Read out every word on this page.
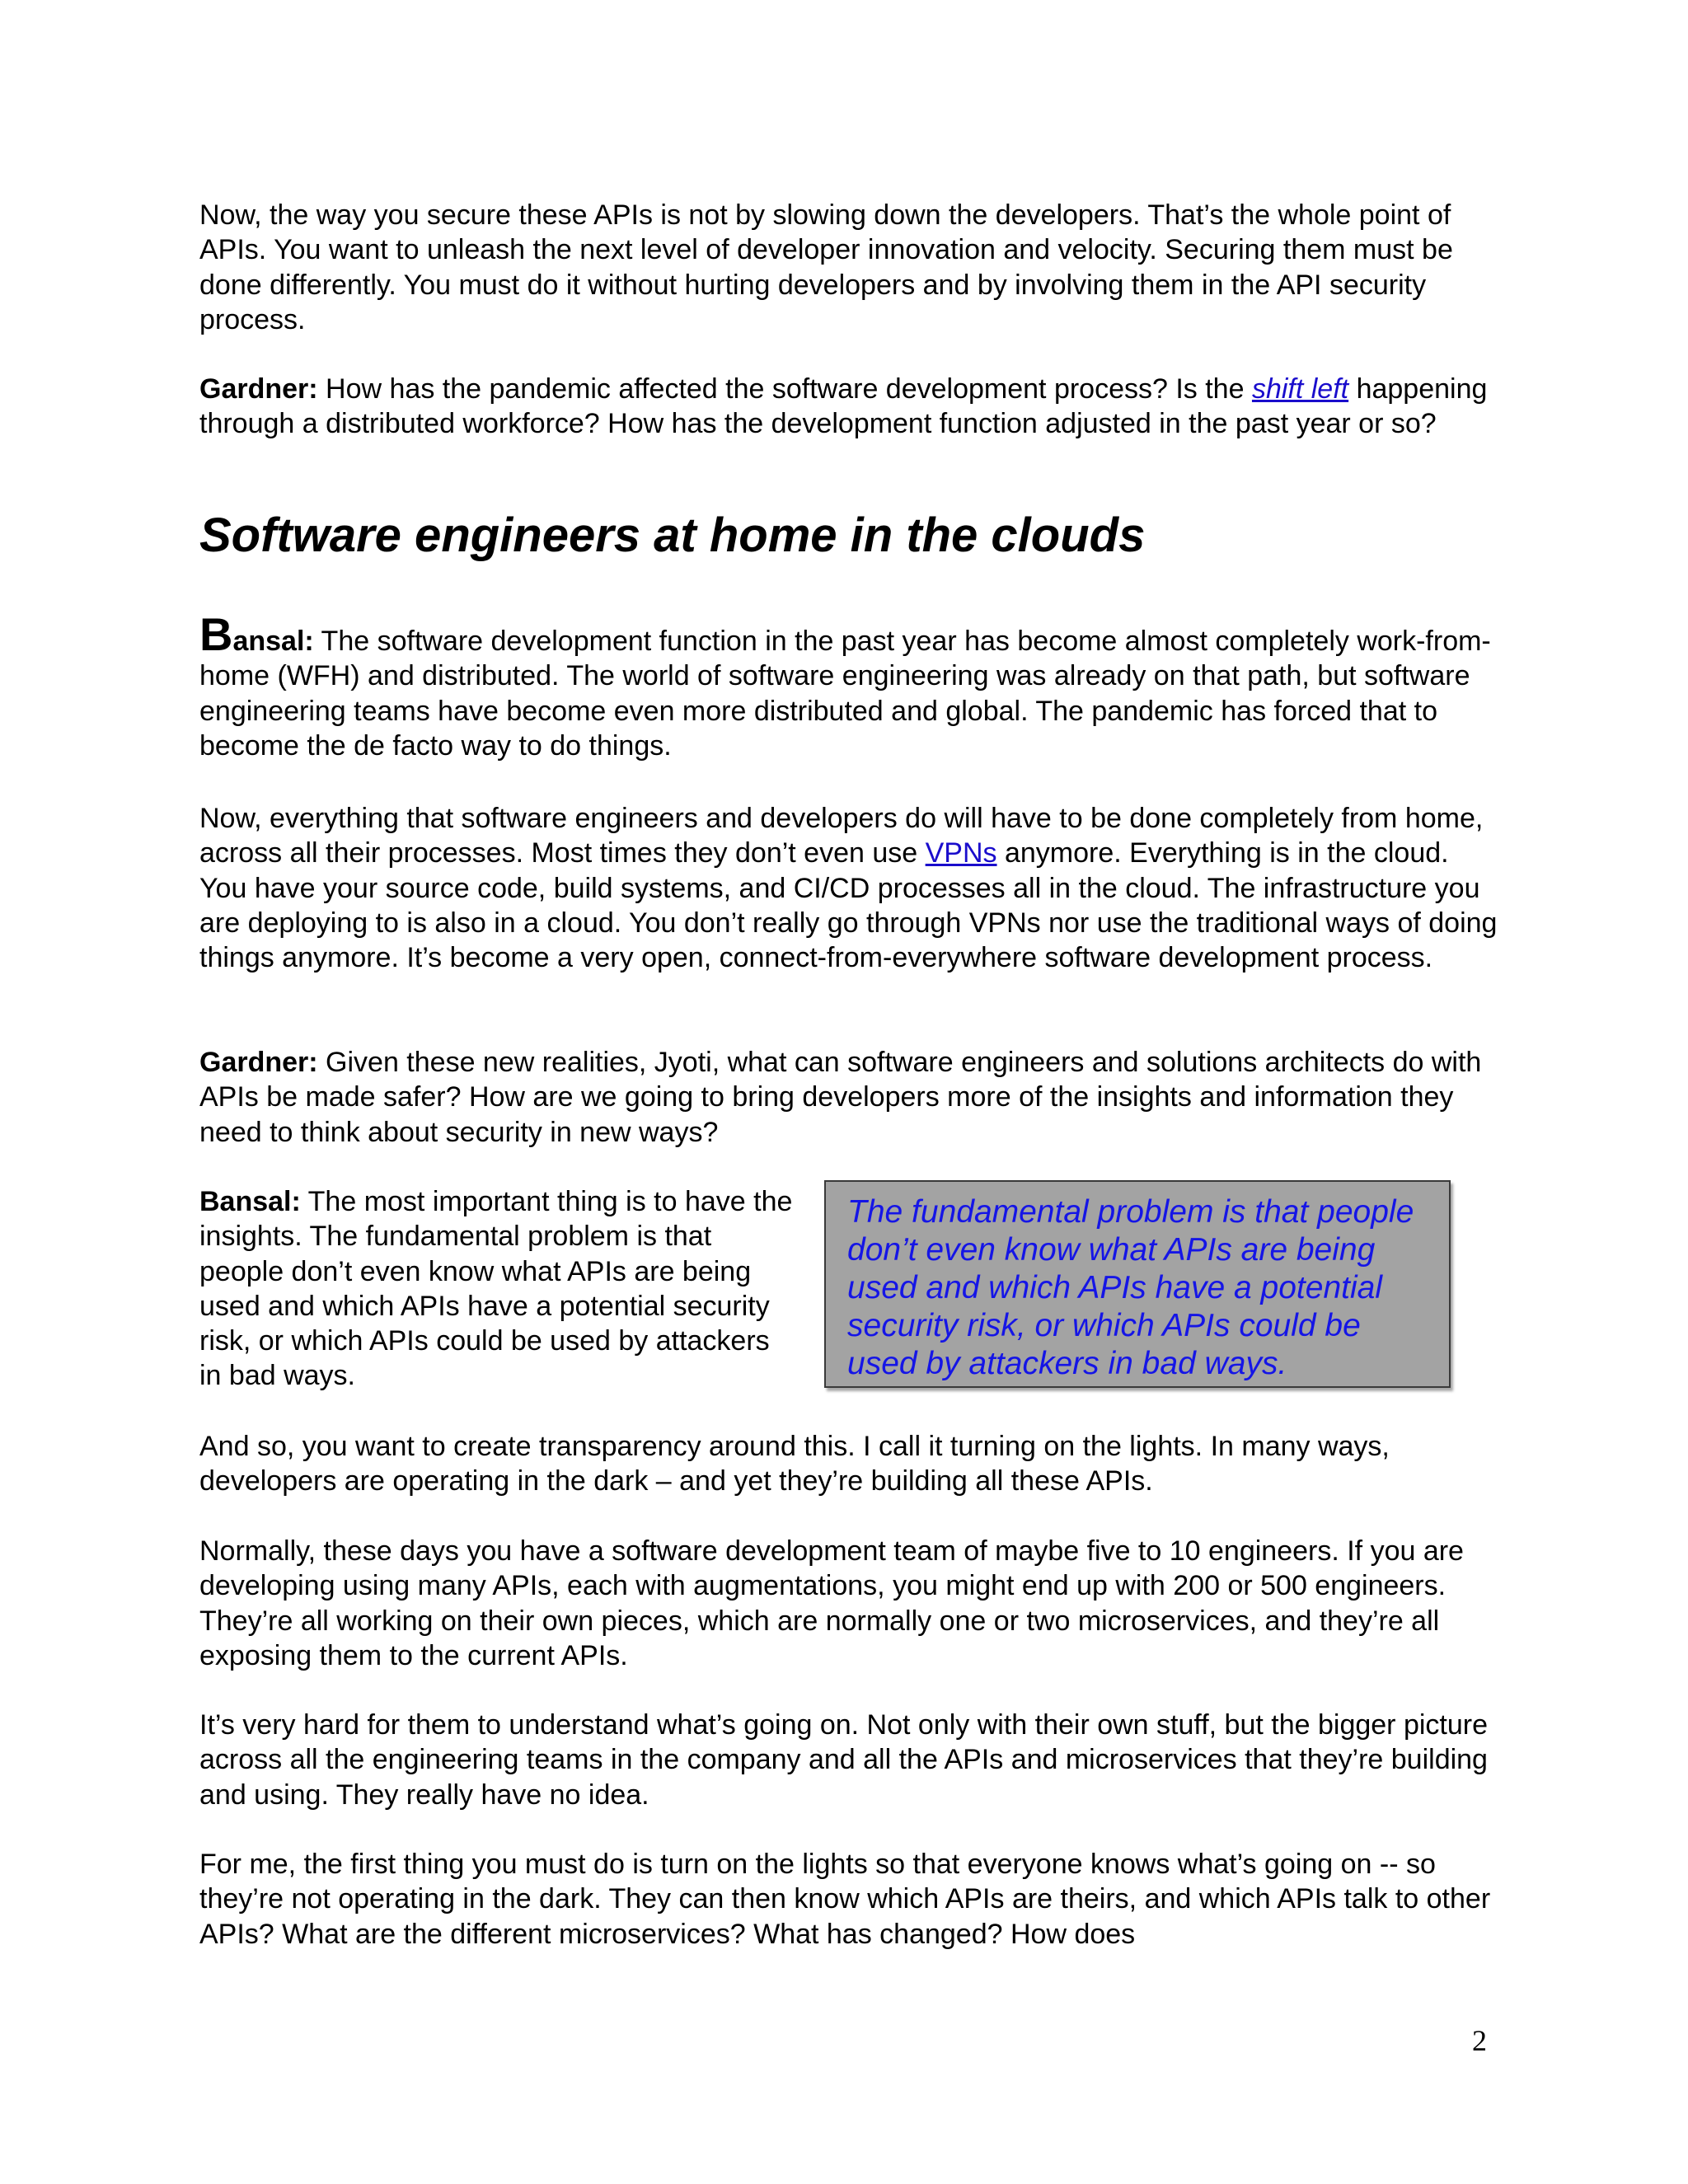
Now, the way you secure these APIs is not by slowing down the developers. That’s the whole point of APIs. You want to unleash the next level of developer innovation and velocity. Securing them must be done differently. You must do it without hurting developers and by involving them in the API security process.

Gardner: How has the pandemic affected the software development process? Is the shift left happening through a distributed workforce? How has the development function adjusted in the past year or so?

Software engineers at home in the clouds

Bansal: The software development function in the past year has become almost completely work-from-home (WFH) and distributed. The world of software engineering was already on that path, but software engineering teams have become even more distributed and global. The pandemic has forced that to become the de facto way to do things.

Now, everything that software engineers and developers do will have to be done completely from home, across all their processes. Most times they don’t even use VPNs anymore. Everything is in the cloud. You have your source code, build systems, and CI/CD processes all in the cloud. The infrastructure you are deploying to is also in a cloud. You don’t really go through VPNs nor use the traditional ways of doing things anymore. It’s become a very open, connect-from-everywhere software development process.

Gardner: Given these new realities, Jyoti, what can software engineers and solutions architects do with APIs be made safer? How are we going to bring developers more of the insights and information they need to think about security in new ways?

Bansal: The most important thing is to have the insights. The fundamental problem is that people don’t even know what APIs are being used and which APIs have a potential security risk, or which APIs could be used by attackers in bad ways.

The fundamental problem is that people don’t even know what APIs are being used and which APIs have a potential security risk, or which APIs could be used by attackers in bad ways.

And so, you want to create transparency around this. I call it turning on the lights. In many ways, developers are operating in the dark – and yet they’re building all these APIs.

Normally, these days you have a software development team of maybe five to 10 engineers. If you are developing using many APIs, each with augmentations, you might end up with 200 or 500 engineers. They’re all working on their own pieces, which are normally one or two microservices, and they’re all exposing them to the current APIs.

It’s very hard for them to understand what’s going on. Not only with their own stuff, but the bigger picture across all the engineering teams in the company and all the APIs and microservices that they’re building and using. They really have no idea.

For me, the first thing you must do is turn on the lights so that everyone knows what’s going on -- so they’re not operating in the dark. They can then know which APIs are theirs, and which APIs talk to other APIs? What are the different microservices? What has changed? How does

2
